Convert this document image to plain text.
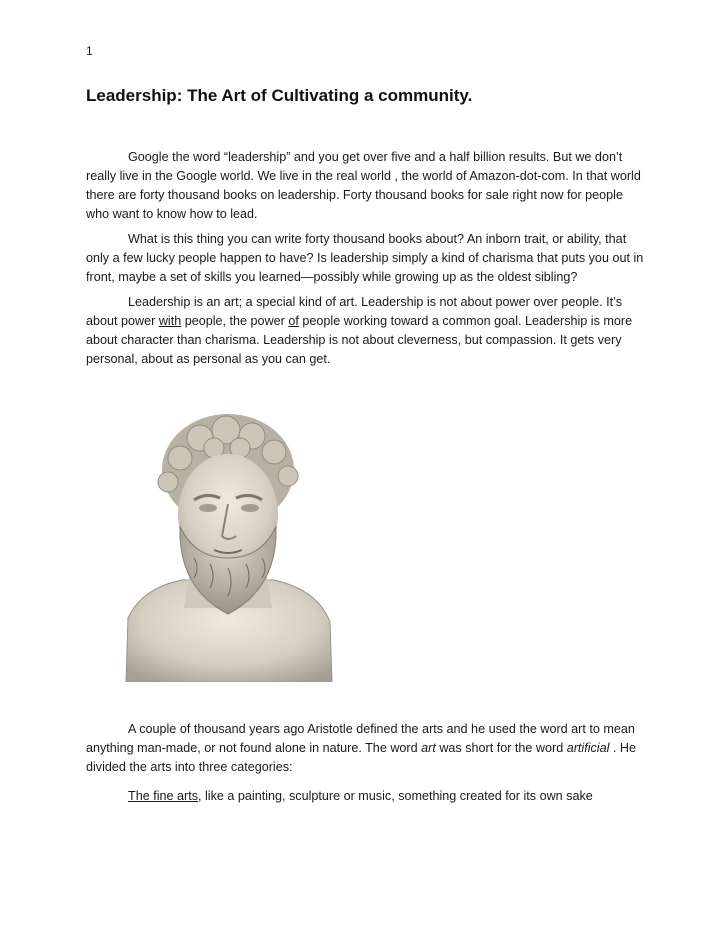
1
Leadership: The Art of Cultivating a community.

Google the word “leadership” and you get over five and a half billion results. But we don’t really live in the Google world. We live in the real world , the world of Amazon-dot-com. In that world there are forty thousand books on leadership. Forty thousand books for sale right now for people who want to know how to lead.

What is this thing you can write forty thousand books about? An inborn trait, or ability, that only a few lucky people happen to have? Is leadership simply a kind of charisma that puts you out in front, maybe a set of skills you learned—possibly while growing up as the oldest sibling?

Leadership is an art; a special kind of art. Leadership is not about power over people. It’s about power with people, the power of people working toward a common goal. Leadership is more about character than charisma. Leadership is not about cleverness, but compassion. It gets very personal, about as personal as you can get.

A couple of thousand years ago Aristotle defined the arts and he used the word art to mean anything man-made, or not found alone in nature. The word art was short for the word artificial . He divided the arts into three categories:

The fine arts, like a painting, sculpture or music, something created for its own sake
